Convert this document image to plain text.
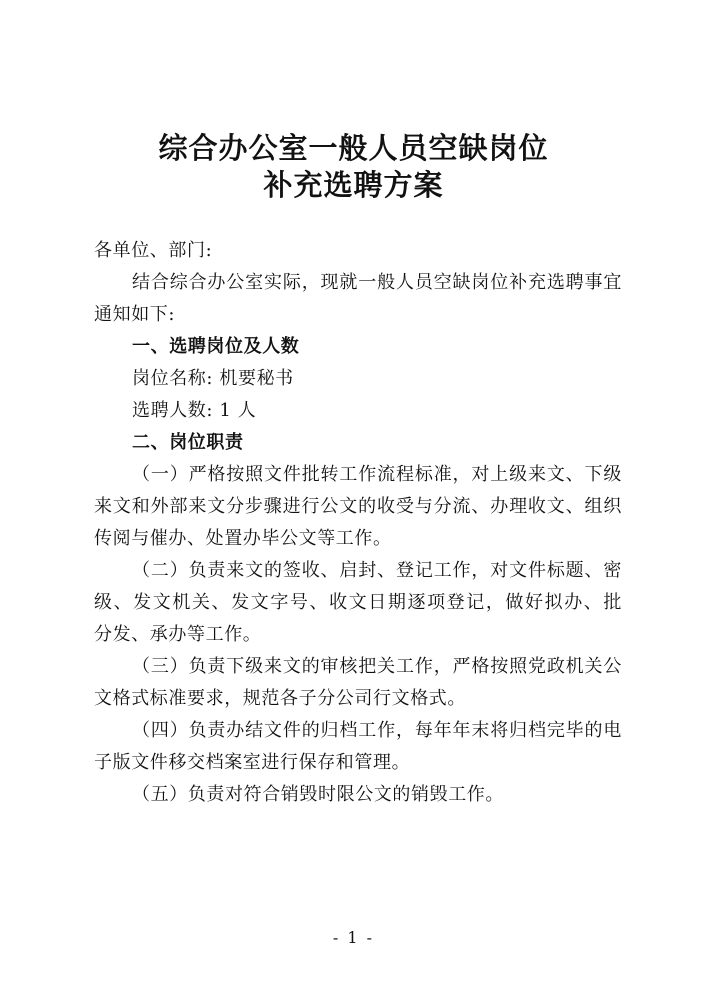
综合办公室一般人员空缺岗位
补充选聘方案
各单位、部门:
结合综合办公室实际，现就一般人员空缺岗位补充选聘事宜
通知如下:
一、选聘岗位及人数
岗位名称: 机要秘书
选聘人数: 1 人
二、岗位职责
（一）严格按照文件批转工作流程标准，对上级来文、下级
来文和外部来文分步骤进行公文的收受与分流、办理收文、组织
传阅与催办、处置办毕公文等工作。
（二）负责来文的签收、启封、登记工作，对文件标题、密
级、发文机关、发文字号、收文日期逐项登记，做好拟办、批
分发、承办等工作。
（三）负责下级来文的审核把关工作，严格按照党政机关公
文格式标准要求，规范各子分公司行文格式。
（四）负责办结文件的归档工作，每年年末将归档完毕的电
子版文件移交档案室进行保存和管理。
（五）负责对符合销毁时限公文的销毁工作。
- 1 -
